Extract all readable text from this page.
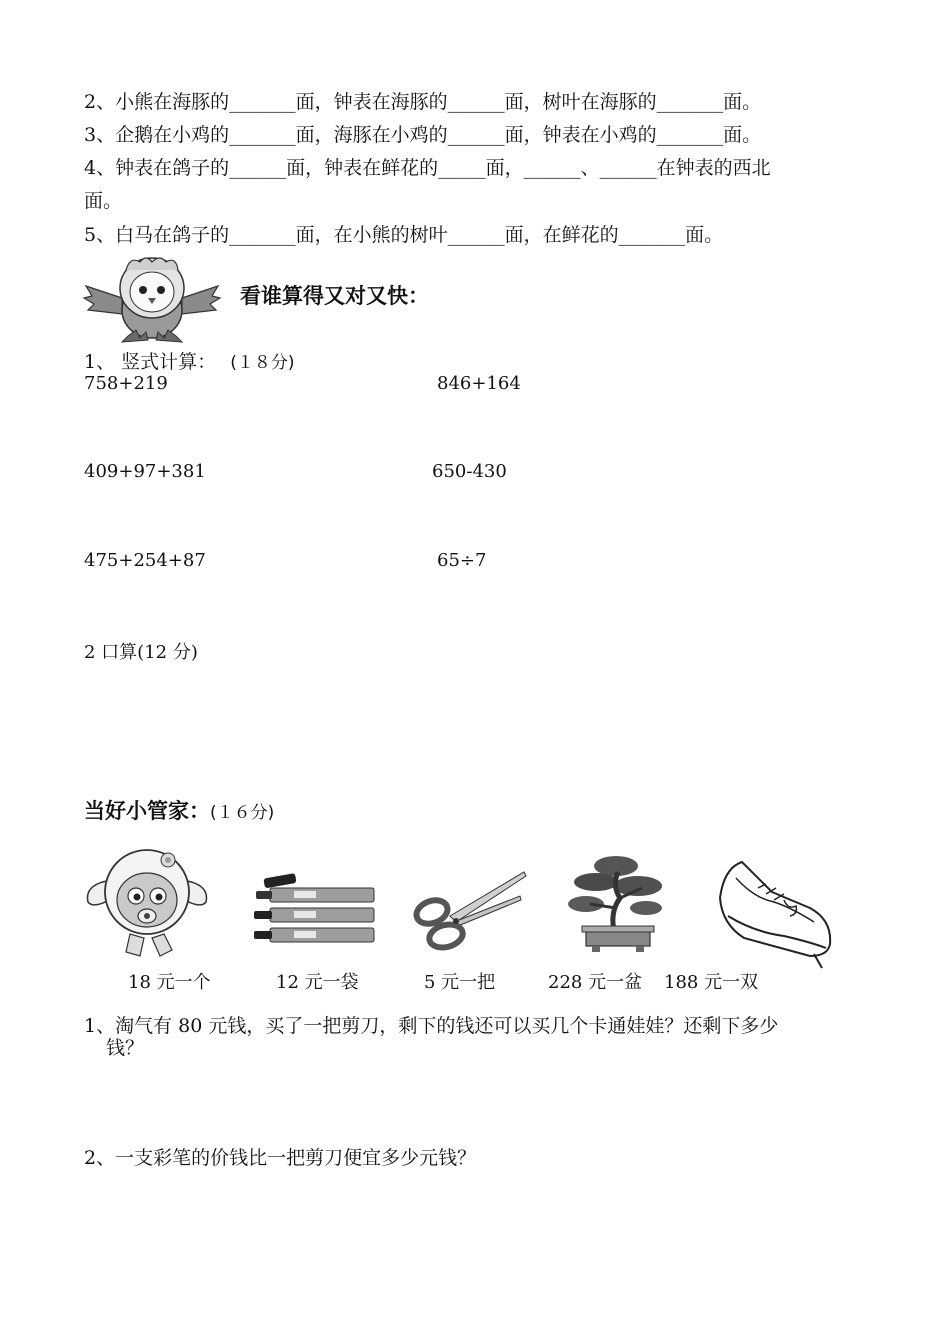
2、小熊在海豚的_______面，钟表在海豚的______面，树叶在海豚的_______面。
3、企鹅在小鸡的_______面，海豚在小鸡的______面，钟表在小鸡的_______面。
4、钟表在鸽子的______面，钟表在鲜花的_____面，______、______在钟表的西北
面。
5、白马在鸽子的_______面，在小熊的树叶______面，在鲜花的_______面。
看谁算得又对又快：
1、 竖式计算： (１８分)
758+219	846+164
409+97+381	650-430
475+254+87	65÷7
2 口算(12 分)
当好小管家：(１６分)
18 元一个	12 元一袋	5 元一把	228 元一盆 188 元一双
1、淘气有 80 元钱，买了一把剪刀，剩下的钱还可以买几个卡通娃娃？还剩下多少
钱？
2、一支彩笔的价钱比一把剪刀便宜多少元钱？
